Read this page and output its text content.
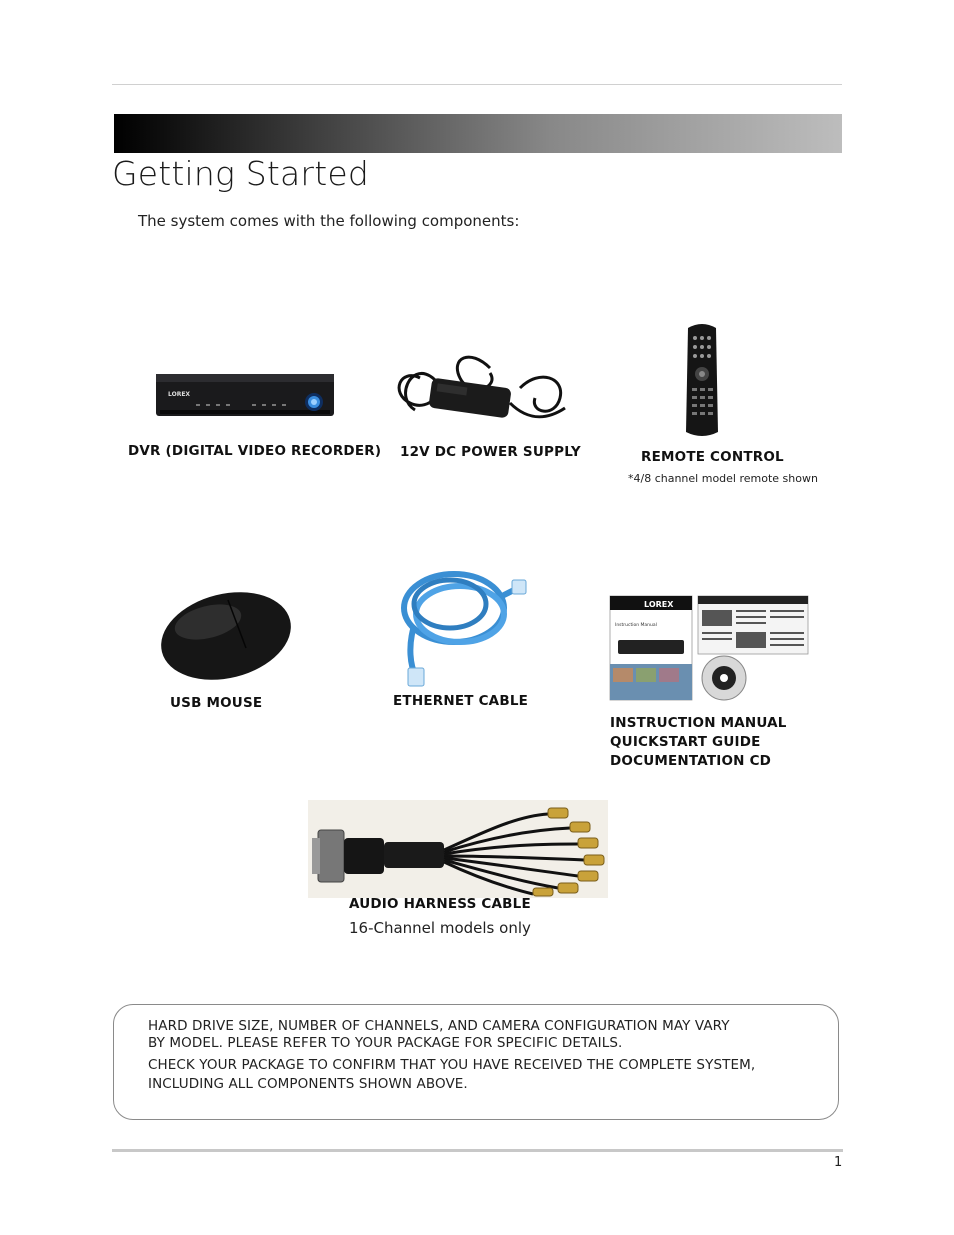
Getting Started
The system comes with the following components:
LOREX
DVR (DIGITAL VIDEO RECORDER) 12V DC POWER SUPPLY	REMOTE CONTROL
*4/8 channel model remote shown
USB MOUSE	ETHERNET CABLE
LOREX
Instruction Manual
INSTRUCTION MANUAL
QUICKSTART GUIDE
DOCUMENTATION CD
AUDIO HARNESS CABLE
16-Channel models only
HARD DRIVE SIZE, NUMBER OF CHANNELS, AND CAMERA CONFIGURATION MAY VARY
BY MODEL. PLEASE REFER TO YOUR PACKAGE FOR SPECIFIC DETAILS.
CHECK YOUR PACKAGE TO CONFIRM THAT YOU HAVE RECEIVED THE COMPLETE SYSTEM,
INCLUDING ALL COMPONENTS SHOWN ABOVE.
1
